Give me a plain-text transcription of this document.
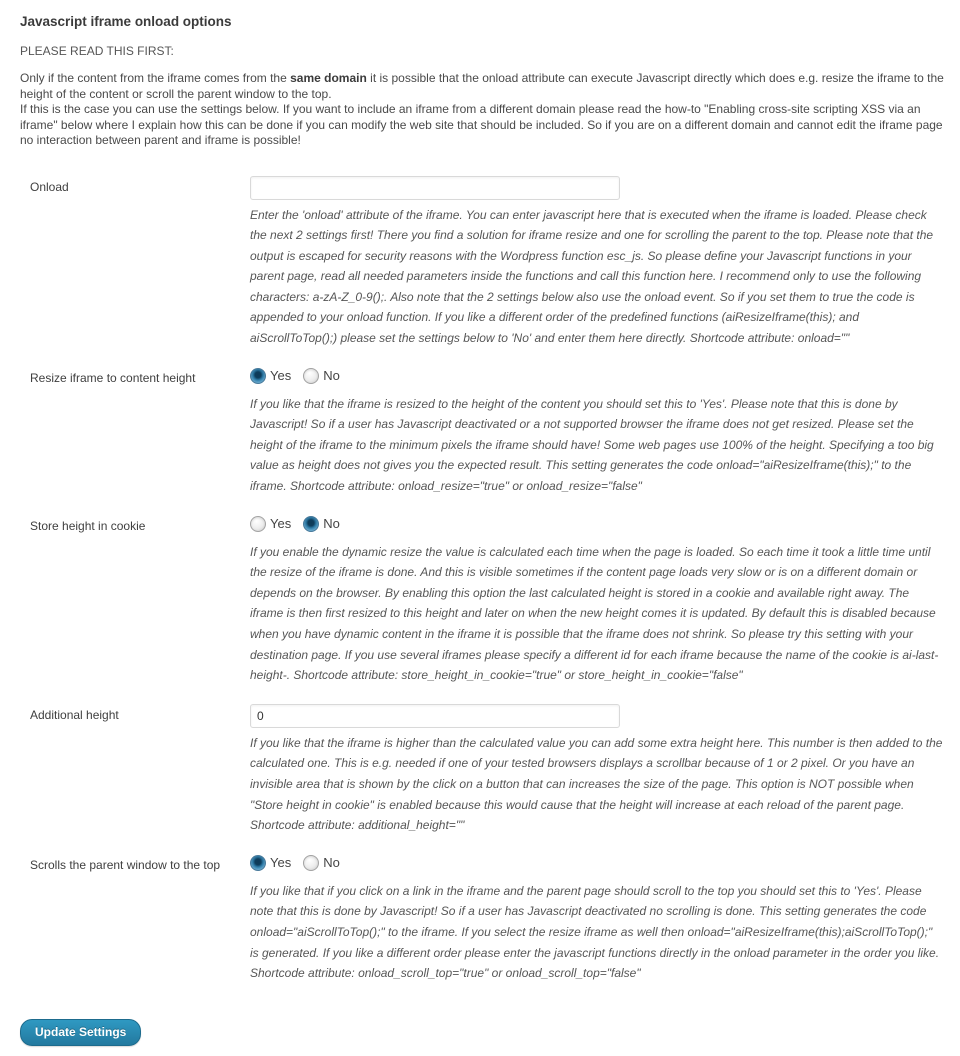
Javascript iframe onload options

PLEASE READ THIS FIRST:

Only if the content from the iframe comes from the same domain it is possible that the onload attribute can execute Javascript directly which does e.g. resize the iframe to the height of the content or scroll the parent window to the top.
If this is the case you can use the settings below. If you want to include an iframe from a different domain please read the how-to "Enabling cross-site scripting XSS via an iframe" below where I explain how this can be done if you can modify the web site that should be included. So if you are on a different domain and cannot edit the iframe page no interaction between parent and iframe is possible!

Onload	Enter the 'onload' attribute of the iframe. You can enter javascript here that is executed when the iframe is loaded. Please check the next 2 settings first! There you find a solution for iframe resize and one for scrolling the parent to the top. Please note that the output is escaped for security reasons with the Wordpress function esc_js. So please define your Javascript functions in your parent page, read all needed parameters inside the functions and call this function here. I recommend only to use the following characters: a-zA-Z_0-9();. Also note that the 2 settings below also use the onload event. So if you set them to true the code is appended to your onload function. If you like a different order of the predefined functions (aiResizeIframe(this); and aiScrollToTop();) please set the settings below to 'No' and enter them here directly. Shortcode attribute: onload=""

Resize iframe to content height	Yes No

If you like that the iframe is resized to the height of the content you should set this to 'Yes'. Please note that this is done by Javascript! So if a user has Javascript deactivated or a not supported browser the iframe does not get resized. Please set the height of the iframe to the minimum pixels the iframe should have! Some web pages use 100% of the height. Specifying a too big value as height does not gives you the expected result. This setting generates the code onload="aiResizeIframe(this);" to the iframe. Shortcode attribute: onload_resize="true" or onload_resize="false"

Store height in cookie	Yes No

If you enable the dynamic resize the value is calculated each time when the page is loaded. So each time it took a little time until the resize of the iframe is done. And this is visible sometimes if the content page loads very slow or is on a different domain or depends on the browser. By enabling this option the last calculated height is stored in a cookie and available right away. The iframe is then first resized to this height and later on when the new height comes it is updated. By default this is disabled because when you have dynamic content in the iframe it is possible that the iframe does not shrink. So please try this setting with your destination page. If you use several iframes please specify a different id for each iframe because the name of the cookie is ai-last-height-. Shortcode attribute: store_height_in_cookie="true" or store_height_in_cookie="false"

Additional height	0

If you like that the iframe is higher than the calculated value you can add some extra height here. This number is then added to the calculated one. This is e.g. needed if one of your tested browsers displays a scrollbar because of 1 or 2 pixel. Or you have an invisible area that is shown by the click on a button that can increases the size of the page. This option is NOT possible when "Store height in cookie" is enabled because this would cause that the height will increase at each reload of the parent page. Shortcode attribute: additional_height=""

Scrolls the parent window to the top	Yes No

If you like that if you click on a link in the iframe and the parent page should scroll to the top you should set this to 'Yes'. Please note that this is done by Javascript! So if a user has Javascript deactivated no scrolling is done. This setting generates the code onload="aiScrollToTop();" to the iframe. If you select the resize iframe as well then onload="aiResizeIframe(this);aiScrollToTop();" is generated. If you like a different order please enter the javascript functions directly in the onload parameter in the order you like. Shortcode attribute: onload_scroll_top="true" or onload_scroll_top="false"

Update Settings
